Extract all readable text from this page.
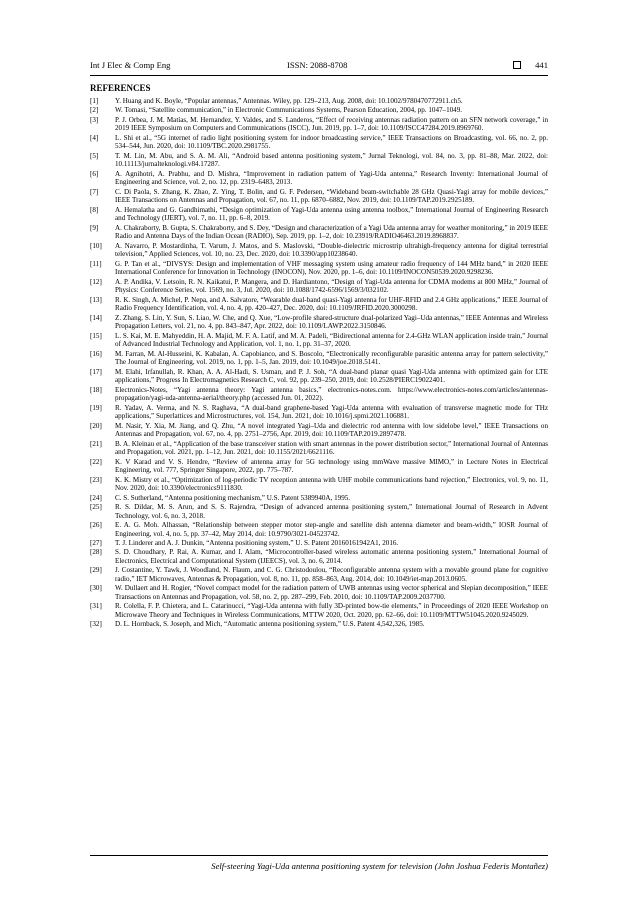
Int J Elec & Comp Eng	ISSN: 2088-8708	441
REFERENCES
[1]	Y. Huang and K. Boyle, “Popular antennas,” Antennas. Wiley, pp. 129–213, Aug. 2008, doi: 10.1002/9780470772911.ch5.
[2]	W. Tomasi, “Satellite communication,” in Electronic Communications Systems, Pearson Education, 2004, pp. 1047–1049.
[3]	P. J. Orbea, J. M. Matías, M. Hernandez, Y. Valdes, and S. Landeros, “Effect of receiving antennas radiation pattern on an SFN network coverage,” in 2019 IEEE Symposium on Computers and Communications (ISCC), Jun. 2019, pp. 1–7, doi: 10.1109/ISCC47284.2019.8969760.
[4]	L. Shi et al., “5G internet of radio light positioning system for indoor broadcasting service,” IEEE Transactions on Broadcasting, vol. 66, no. 2, pp. 534–544, Jun. 2020, doi: 10.1109/TBC.2020.2981755.
[5]	T. M. Lin, M. Abu, and S. A. M. Ali, “Android based antenna positioning system,” Jurnal Teknologi, vol. 84, no. 3, pp. 81–88, Mar. 2022, doi: 10.11113/jurnalteknologi.v84.17287.
[6]	A. Agnihotri, A. Prabhu, and D. Mishra, “Improvement in radiation pattern of Yagi-Uda antenna,” Research Inventy: International Journal of Engineering and Science, vol. 2, no. 12, pp. 2319–6483, 2013.
[7]	C. Di Paola, S. Zhang, K. Zhao, Z. Ying, T. Bolin, and G. F. Pedersen, “Wideband beam-switchable 28 GHz Quasi-Yagi array for mobile devices,” IEEE Transactions on Antennas and Propagation, vol. 67, no. 11, pp. 6870–6882, Nov. 2019, doi: 10.1109/TAP.2019.2925189.
[8]	A. Hemalatha and G. Gandhimathi, “Design optimization of Yagi-Uda antenna using antenna toolbox,” International Journal of Engineering Research and Technology (IJERT), vol. 7, no. 11, pp. 6–8, 2019.
[9]	A. Chakraborty, B. Gupta, S. Chakraborty, and S. Dey, “Design and characterization of a Yagi Uda antenna array for weather monitoring,” in 2019 IEEE Radio and Antenna Days of the Indian Ocean (RADIO), Sep. 2019, pp. 1–2, doi: 10.23919/RADIO46463.2019.8968837.
[10]	A. Navarro, P. Mostardinha, T. Varum, J. Matos, and S. Maslovski, “Double-dielectric microstrip ultrahigh-frequency antenna for digital terrestrial television,” Applied Sciences, vol. 10, no. 23, Dec. 2020, doi: 10.3390/app10238640.
[11]	G. P. Tan et al., “DIVSYS: Design and implementation of VHF messaging system using amateur radio frequency of 144 MHz band,” in 2020 IEEE International Conference for Innovation in Technology (INOCON), Nov. 2020, pp. 1–6, doi: 10.1109/INOCON50539.2020.9298236.
[12]	A. P. Andika, V. Letsoin, R. N. Kaikatui, P. Mangera, and D. Hardiantono, “Design of Yagi-Uda antenna for CDMA modems at 800 MHz,” Journal of Physics: Conference Series, vol. 1569, no. 3, Jul. 2020, doi: 10.1088/1742-6596/1569/3/032102.
[13]	R. K. Singh, A. Michel, P. Nepa, and A. Salvatore, “Wearable dual-band quasi-Yagi antenna for UHF-RFID and 2.4 GHz applications,” IEEE Journal of Radio Frequency Identification, vol. 4, no. 4, pp. 420–427, Dec. 2020, doi: 10.1109/JRFID.2020.3000298.
[14]	Z. Zhang, S. Lin, Y. Sun, S. Liao, W. Che, and Q. Xue, “Low-profile shared-structure dual-polarized Yagi–Uda antennas,” IEEE Antennas and Wireless Propagation Letters, vol. 21, no. 4, pp. 843–847, Apr. 2022, doi: 10.1109/LAWP.2022.3150846.
[15]	L. S. Kai, M. E. Mahyeddin, H. A. Majid, M. F. A. Latif, and M. A. Padeli, “Bidirectional antenna for 2.4-GHz WLAN application inside train,” Journal of Advanced Industrial Technology and Application, vol. 1, no. 1, pp. 31–37, 2020.
[16]	M. Farran, M. Al-Husseini, K. Kabalan, A. Capobianco, and S. Boscolo, “Electronically reconfigurable parasitic antenna array for pattern selectivity,” The Journal of Engineering, vol. 2019, no. 1, pp. 1–5, Jan. 2019, doi: 10.1049/joe.2018.5141.
[17]	M. Elahi, Irfanullah, R. Khan, A. A. Al-Hadi, S. Usman, and P. J. Soh, “A dual-band planar quasi Yagi-Uda antenna with optimized gain for LTE applications,” Progress In Electromagnetics Research C, vol. 92, pp. 239–250, 2019, doi: 10.2528/PIERC19022401.
[18]	Electronics-Notes, “Yagi antenna theory: Yagi antenna basics,” electronics-notes.com. https://www.electronics-notes.com/articles/antennas-propagation/yagi-uda-antenna-aerial/theory.php (accessed Jun. 01, 2022).
[19]	R. Yadav, A. Verma, and N. S. Raghava, “A dual-band graphene-based Yagi-Uda antenna with evaluation of transverse magnetic mode for THz applications,” Superlattices and Microstructures, vol. 154, Jun. 2021, doi: 10.1016/j.spmi.2021.106881.
[20]	M. Nasir, Y. Xia, M. Jiang, and Q. Zhu, “A novel integrated Yagi–Uda and dielectric rod antenna with low sidelobe level,” IEEE Transactions on Antennas and Propagation, vol. 67, no. 4, pp. 2751–2756, Apr. 2019, doi: 10.1109/TAP.2019.2897478.
[21]	B. A. Kleinau et al., “Application of the base transceiver station with smart antennas in the power distribution sector,” International Journal of Antennas and Propagation, vol. 2021, pp. 1–12, Jun. 2021, doi: 10.1155/2021/6621116.
[22]	K. V Karad and V. S. Hendre, “Review of antenna array for 5G technology using mmWave massive MIMO,” in Lecture Notes in Electrical Engineering, vol. 777, Springer Singapore, 2022, pp. 775–787.
[23]	K. K. Mistry et al., “Optimization of log-periodic TV reception antenna with UHF mobile communications band rejection,” Electronics, vol. 9, no. 11, Nov. 2020, doi: 10.3390/electronics9111830.
[24]	C. S. Sutherland, “Antenna positioning mechanism,” U.S. Patent 5389940A, 1995.
[25]	R. S. Dildar, M. S. Arun, and S. S. Rajendra, “Design of advanced antenna positioning system,” International Journal of Research in Advent Technology, vol. 6, no. 3, 2018.
[26]	E. A. G. Moh. Alhassan, “Relationship between stepper motor step-angle and satellite dish antenna diameter and beam-width,” IOSR Journal of Engineering, vol. 4, no. 5, pp. 37–42, May 2014, doi: 10.9790/3021-04523742.
[27]	T. J. Linderer and A. J. Dunkin, “Antenna positioning system,” U. S. Patent 20160161942A1, 2016.
[28]	S. D. Choudhary, P. Rai, A. Kumar, and I. Alam, “Microcontroller-based wireless automatic antenna positioning system,” International Journal of Electronics, Electrical and Computational System (IJEECS), vol. 3, no. 6, 2014.
[29]	J. Costantine, Y. Tawk, J. Woodland, N. Flaum, and C. G. Christodoulou, “Reconfigurable antenna system with a movable ground plane for cognitive radio,” IET Microwaves, Antennas & Propagation, vol. 8, no. 11, pp. 858–863, Aug. 2014, doi: 10.1049/iet-map.2013.0605.
[30]	W. Dullaert and H. Rogier, “Novel compact model for the radiation pattern of UWB antennas using vector spherical and Slepian decomposition,” IEEE Transactions on Antennas and Propagation, vol. 58, no. 2, pp. 287–299, Feb. 2010, doi: 10.1109/TAP.2009.2037700.
[31]	R. Colella, F. P. Chietera, and L. Catarinucci, “Yagi-Uda antenna with fully 3D-printed bow-tie elements,” in Proceedings of 2020 IEEE Workshop on Microwave Theory and Techniques in Wireless Communications, MTTW 2020, Oct. 2020, pp. 62–66, doi: 10.1109/MTTW51045.2020.9245029.
[32]	D. L. Hornback, S. Joseph, and Mich, “Automatic antenna positioning system,” U.S. Patent 4,542,326, 1985.
Self-steering Yagi-Uda antenna positioning system for television (John Joshua Federis Montañez)
